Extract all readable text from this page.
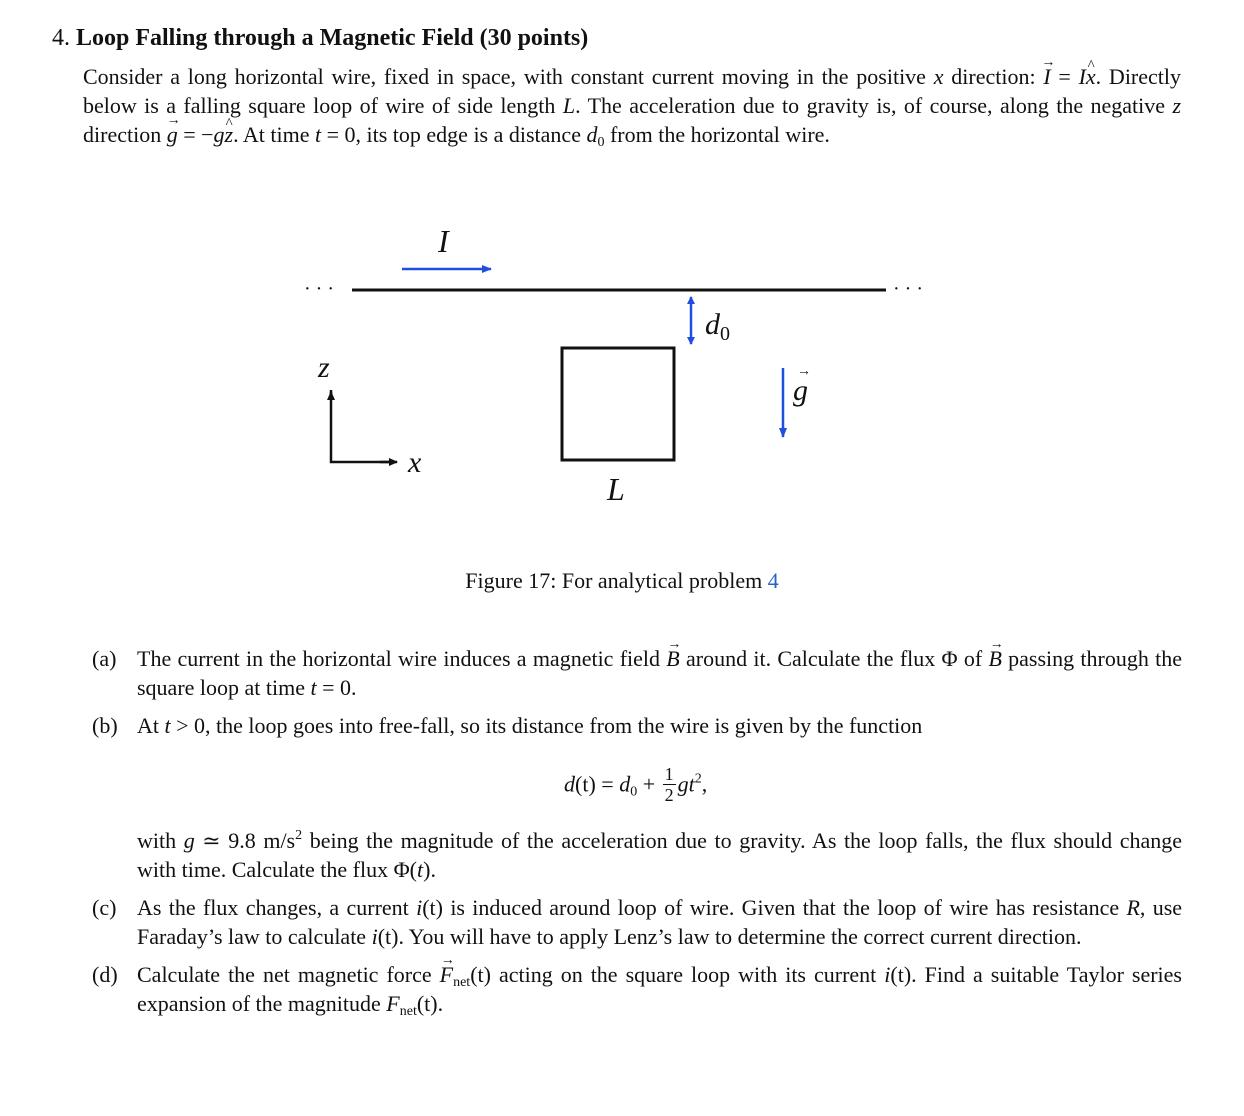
4. Loop Falling through a Magnetic Field (30 points)

Consider a long horizontal wire, fixed in space, with constant current moving in the positive x direction: → I = I^ x. Directly below is a falling square loop of wire of side length L. The acceleration due to gravity is, of course, along the negative z direction → g = −g^ z. At time t = 0, its top edge is a distance $d_0$ from the horizontal wire.

I
· · ·	· · ·
$d_0$
L
g
→
z
x
Figure 17: For analytical problem 4
(a) The current in the horizontal wire induces a magnetic field → B around it. Calculate the flux Φ of → B passing through the square loop at time t = 0.
(b) At t > 0, the loop goes into free-fall, so its distance from the wire is given by the function
$d(t) = d_0 + \frac{1}{2} gt^2$,
with g ≃ 9.8 $m/s^2$ being the magnitude of the acceleration due to gravity. As the loop falls, the flux should change with time. Calculate the flux Φ(t).
(c) As the flux changes, a current i(t) is induced around loop of wire. Given that the loop of wire has resistance R, use Faraday’s law to calculate i(t). You will have to apply Lenz’s law to determine the correct current direction.
(d) Calculate the net magnetic force → $F_{net}(t)$ acting on the square loop with its current i(t). Find a suitable Taylor series expansion of the magnitude $F_{net}(t)$.
